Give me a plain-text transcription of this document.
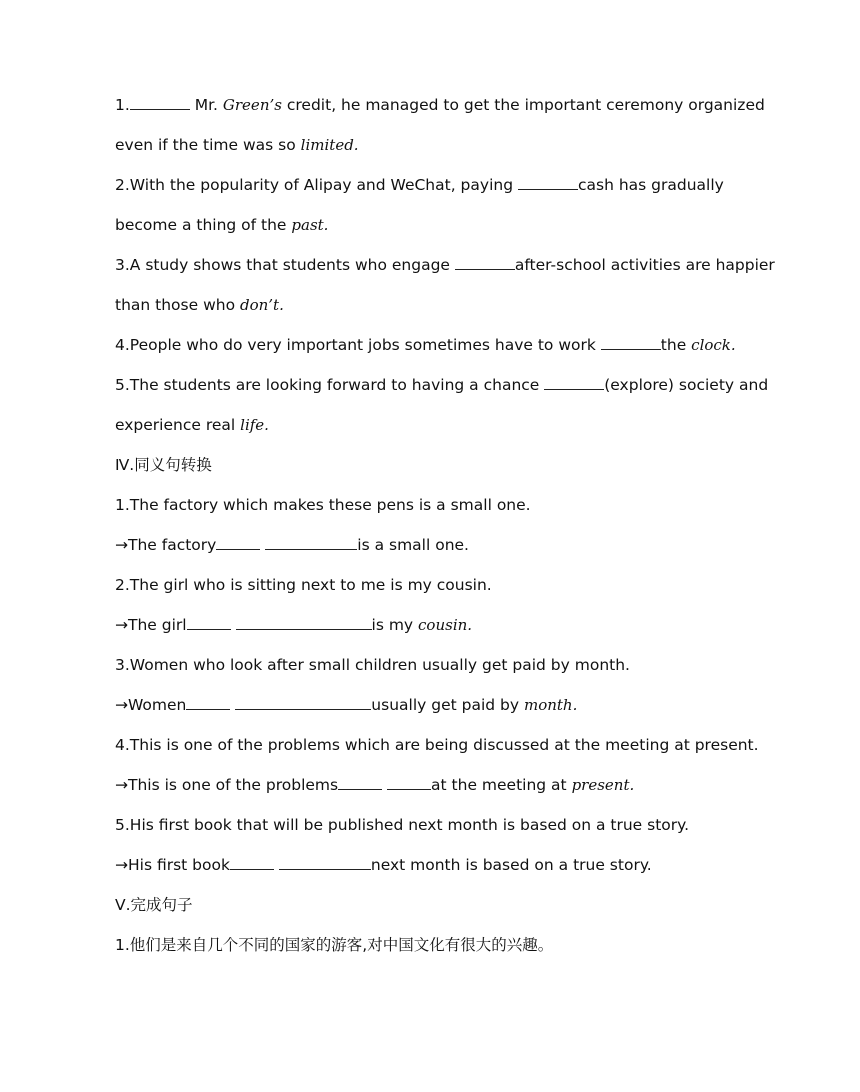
1.	Mr. Green’s credit, he managed to get the important ceremony organized
even if the time was so limited.
2.With the popularity of Alipay and WeChat, paying	cash has gradually
become a thing of the past.
3.A study shows that students who engage	after-school activities are happier
than those who don’t.
4.People who do very important jobs sometimes have to work	the clock.
5.The students are looking forward to having a chance	(explore) society and
experience real life.
Ⅳ.同义句转换
1.The factory which makes these pens is a small one.
→The factory	is a small one.
2.The girl who is sitting next to me is my cousin.
→The girl	is my cousin.
3.Women who look after small children usually get paid by month.
→Women	usually get paid by month.
4.This is one of the problems which are being discussed at the meeting at present.
→This is one of the problems	at the meeting at present.
5.His first book that will be published next month is based on a true story.
→His first book	next month is based on a true story.
Ⅴ.完成句子
1.他们是来自几个不同的国家的游客,对中国文化有很大的兴趣。
